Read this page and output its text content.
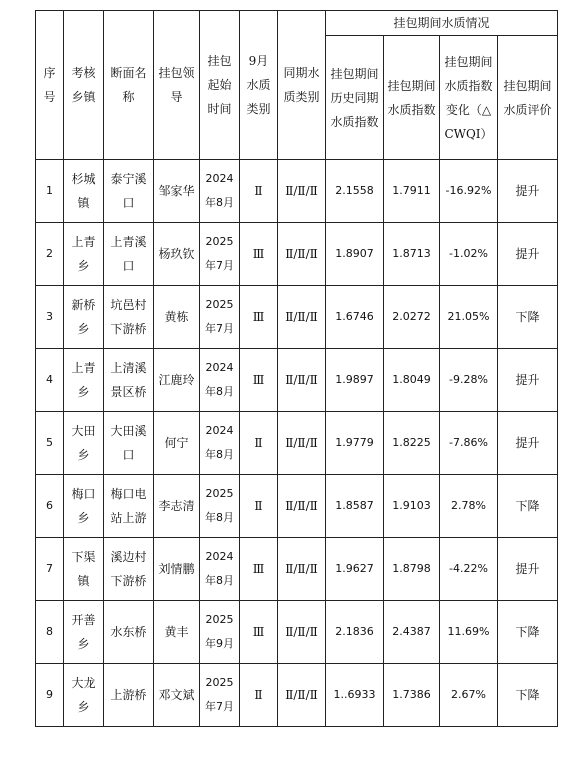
序号	考核乡镇	断面名称	挂包领导	挂包起始时间	9月水质类别	同期水质类别	挂包期间水质情况			
							挂包期间历史同期水质指数	挂包期间水质指数	挂包期间水质指数变化（△CWQI）	挂包期间水质评价
1	杉城镇	泰宁溪口	邹家华	2024年8月	Ⅱ	Ⅱ/Ⅱ/Ⅱ	2.1558	1.7911	-16.92%	提升
2	上青乡	上青溪口	杨玖钦	2025年7月	Ⅲ	Ⅱ/Ⅱ/Ⅱ	1.8907	1.8713	-1.02%	提升
3	新桥乡	坑邑村下游桥	黄栋	2025年7月	Ⅲ	Ⅱ/Ⅱ/Ⅱ	1.6746	2.0272	21.05%	下降
4	上青乡	上清溪景区桥	江鹿玲	2024年8月	Ⅲ	Ⅱ/Ⅱ/Ⅱ	1.9897	1.8049	-9.28%	提升
5	大田乡	大田溪口	何宁	2024年8月	Ⅱ	Ⅱ/Ⅱ/Ⅱ	1.9779	1.8225	-7.86%	提升
6	梅口乡	梅口电站上游	李志清	2025年8月	Ⅱ	Ⅱ/Ⅱ/Ⅱ	1.8587	1.9103	2.78%	下降
7	下渠镇	溪边村下游桥	刘情鹏	2024年8月	Ⅲ	Ⅱ/Ⅱ/Ⅱ	1.9627	1.8798	-4.22%	提升
8	开善乡	水东桥	黄丰	2025年9月	Ⅲ	Ⅱ/Ⅱ/Ⅱ	2.1836	2.4387	11.69%	下降
9	大龙乡	上游桥	邓文斌	2025年7月	Ⅱ	Ⅱ/Ⅱ/Ⅱ	1..6933	1.7386	2.67%	下降
